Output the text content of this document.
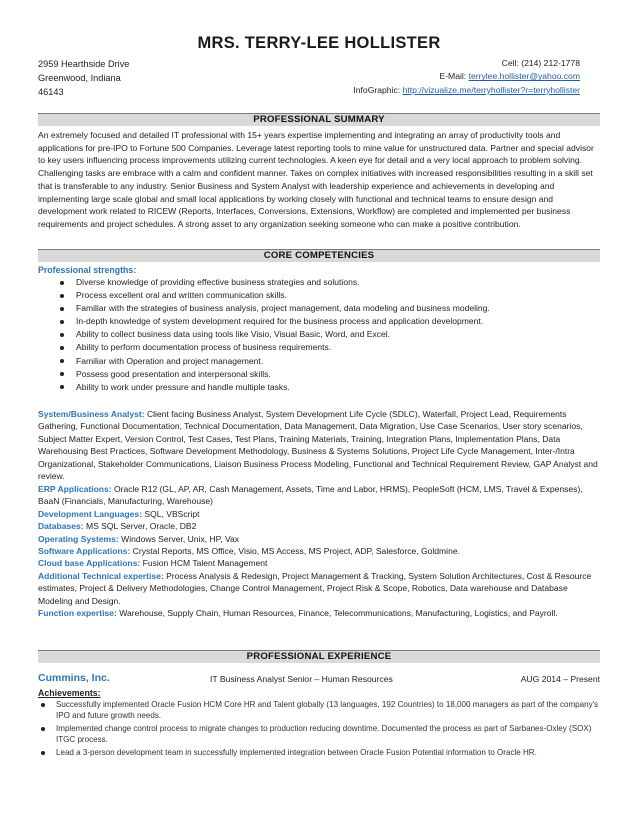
MRS. TERRY-LEE HOLLISTER
2959 Hearthside Drive
Greenwood, Indiana
46143
Cell: (214) 212-1778
E-Mail: terrylee.hollister@yahoo.com
InfoGraphic: http://vizualize.me/terryhollister?r=terryhollister
PROFESSIONAL SUMMARY
An extremely focused and detailed IT professional with 15+ years expertise implementing and integrating an array of productivity tools and applications for pre-IPO to Fortune 500 Companies. Leverage latest reporting tools to mine value for unstructured data. Partner and special advisor to key users influencing process improvements utilizing current technologies. A keen eye for detail and a very local approach to problem solving. Challenging tasks are embrace with a calm and confident manner. Takes on complex initiatives with increased responsibilities resulting in a skill set that is transferable to any industry. Senior Business and System Analyst with leadership experience and achievements in developing and implementing large scale global and small local applications by working closely with functional and technical teams to ensure design and development work related to RICEW (Reports, Interfaces, Conversions, Extensions, Workflow) are completed and implemented per business requirements and project schedules. A strong asset to any organization seeking someone who can make a positive contribution.
CORE COMPETENCIES
Professional strengths:
Diverse knowledge of providing effective business strategies and solutions.
Process excellent oral and written communication skills.
Familiar with the strategies of business analysis, project management, data modeling and business modeling.
In-depth knowledge of system development required for the business process and application development.
Ability to collect business data using tools like Visio, Visual Basic, Word, and Excel.
Ability to perform documentation process of business requirements.
Familiar with Operation and project management.
Possess good presentation and interpersonal skills.
Ability to work under pressure and handle multiple tasks.
System/Business Analyst: Client facing Business Analyst, System Development Life Cycle (SDLC), Waterfall, Project Lead, Requirements Gathering, Functional Documentation, Technical Documentation, Data Management, Data Migration, Use Case Scenarios, User story scenarios, Subject Matter Expert, Version Control, Test Cases, Test Plans, Training Materials, Training, Integration Plans, Implementation Plans, Data Warehousing Best Practices, Software Development Methodology, Business & Systems Solutions, Project Life Cycle Management, Inter-/Intra Organizational, Stakeholder Communications, Liaison Business Process Modeling, Functional and Technical Requirement Review, GAP Analyst and review.
ERP Applications: Oracle R12 (GL, AP, AR, Cash Management, Assets, Time and Labor, HRMS), PeopleSoft (HCM, LMS, Travel & Expenses), BaaN (Financials, Manufacturing, Warehouse)
Development Languages: SQL, VBScript
Databases: MS SQL Server, Oracle, DB2
Operating Systems: Windows Server, Unix, HP, Vax
Software Applications: Crystal Reports, MS Office, Visio, MS Access, MS Project, ADP, Salesforce, Goldmine.
Cloud base Applications: Fusion HCM Talent Management
Additional Technical expertise: Process Analysis & Redesign, Project Management & Tracking, System Solution Architectures, Cost & Resource estimates, Project & Delivery Methodologies, Change Control Management, Project Risk & Scope, Robotics, Data warehouse and Database Modeling and Design.
Function expertise: Warehouse, Supply Chain, Human Resources, Finance, Telecommunications, Manufacturing, Logistics, and Payroll.
PROFESSIONAL EXPERIENCE
Cummins, Inc.	IT Business Analyst Senior – Human Resources	AUG 2014 – Present
Achievements:
Successfully implemented Oracle Fusion HCM Core HR and Talent globally (13 languages, 192 Countries) to 18,000 managers as part of the company's IPO and future growth needs.
Implemented change control process to migrate changes to production reducing downtime. Documented the process as part of Sarbanes-Oxley (SOX) ITGC process.
Lead a 3-person development team in successfully implemented integration between Oracle Fusion Potential information to Oracle HR.
